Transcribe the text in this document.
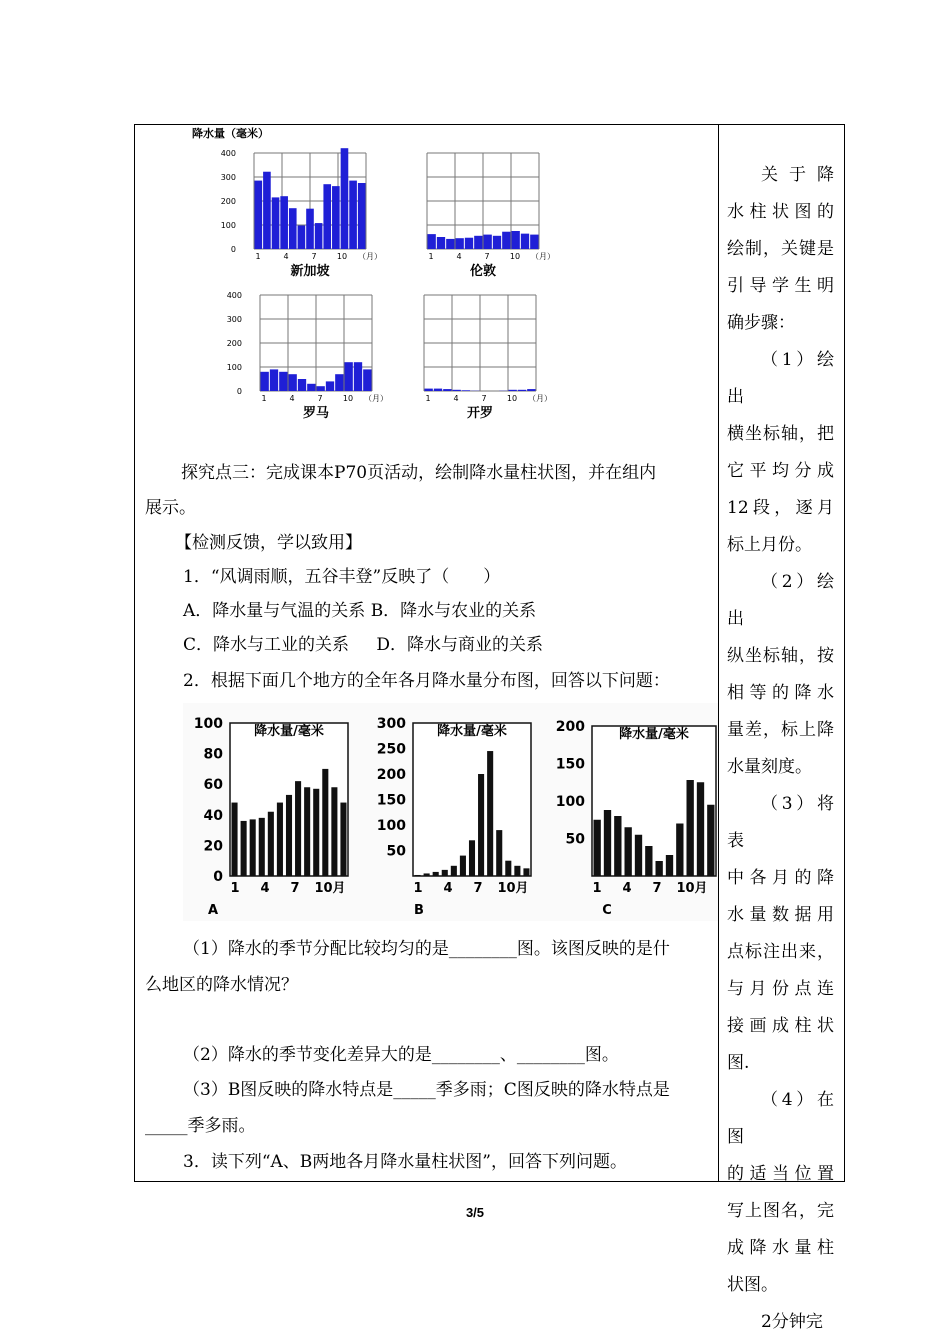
降水量（毫米）
0
100
200
300
400
1	4	7	10 （月）
新加坡
1	4	7	10 （月）
伦敦
0
100
200
300
400
1	4	7	10 （月）
罗马
1	4	7	10 （月）
开罗
探究点三：完成课本P70页活动，绘制降水量柱状图，并在组内
展示。
【检测反馈，学以致用】
1．“风调雨顺，五谷丰登”反映了（　　）
A．降水量与气温的关系 B．降水与农业的关系
C．降水与工业的关系 D．降水与商业的关系
2．根据下面几个地方的全年各月降水量分布图，回答以下问题：
降水量/毫米
0
20
40
60
80
100
1 4 7 10月
A
降水量/毫米
50
100
150
200
250
300
1 4 7 10月
B
降水量/毫米
50
100
150
200
1 4 7 10月
C
（1）降水的季节分配比较均匀的是________图。该图反映的是什
么地区的降水情况？
（2）降水的季节变化差异大的是________、________图。
（3）B图反映的降水特点是_____季多雨；C图反映的降水特点是
_____季多雨。
3．读下列“A、B两地各月降水量柱状图”，回答下列问题。

关于降

水柱状图的

绘制，关键是

引导学生明

确步骤：

（1）绘出

横坐标轴，把

它平均分成

12段，逐月

标上月份。

（2）绘出

纵坐标轴，按

相等的降水

量差，标上降

水量刻度。

（3）将表

中各月的降

水量数据用

点标注出来，

与月份点连

接画成柱状

图.

（4）在图

的适当位置

写上图名，完

成降水量柱

状图。

2分钟完

3/5
